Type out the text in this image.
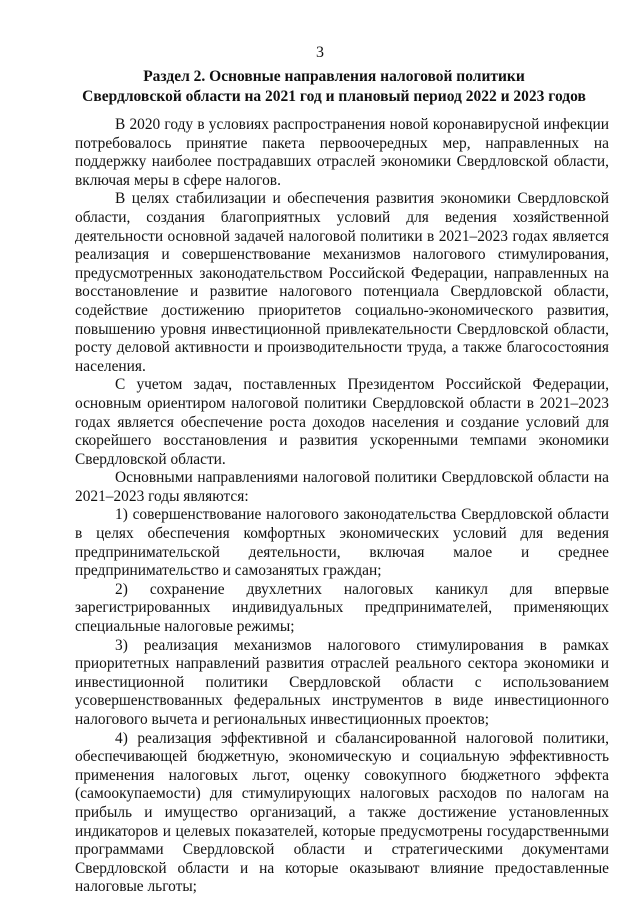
3
Раздел 2. Основные направления налоговой политики
Свердловской области на 2021 год и плановый период 2022 и 2023 годов

В 2020 году в условиях распространения новой коронавирусной инфекции потребовалось принятие пакета первоочередных мер, направленных на поддержку наиболее пострадавших отраслей экономики Свердловской области, включая меры в сфере налогов.

В целях стабилизации и обеспечения развития экономики Свердловской области, создания благоприятных условий для ведения хозяйственной деятельности основной задачей налоговой политики в 2021–2023 годах является реализация и совершенствование механизмов налогового стимулирования, предусмотренных законодательством Российской Федерации, направленных на восстановление и развитие налогового потенциала Свердловской области, содействие достижению приоритетов социально-экономического развития, повышению уровня инвестиционной привлекательности Свердловской области, росту деловой активности и производительности труда, а также благосостояния населения.

С учетом задач, поставленных Президентом Российской Федерации, основным ориентиром налоговой политики Свердловской области в 2021–2023 годах является обеспечение роста доходов населения и создание условий для скорейшего восстановления и развития ускоренными темпами экономики Свердловской области.

Основными направлениями налоговой политики Свердловской области на 2021–2023 годы являются:

1) совершенствование налогового законодательства Свердловской области в целях обеспечения комфортных экономических условий для ведения предпринимательской деятельности, включая малое и среднее предпринимательство и самозанятых граждан;

2) сохранение двухлетних налоговых каникул для впервые зарегистрированных индивидуальных предпринимателей, применяющих специальные налоговые режимы;

3) реализация механизмов налогового стимулирования в рамках приоритетных направлений развития отраслей реального сектора экономики и инвестиционной политики Свердловской области с использованием усовершенствованных федеральных инструментов в виде инвестиционного налогового вычета и региональных инвестиционных проектов;

4) реализация эффективной и сбалансированной налоговой политики, обеспечивающей бюджетную, экономическую и социальную эффективность применения налоговых льгот, оценку совокупного бюджетного эффекта (самоокупаемости) для стимулирующих налоговых расходов по налогам на прибыль и имущество организаций, а также достижение установленных индикаторов и целевых показателей, которые предусмотрены государственными программами Свердловской области и стратегическими документами Свердловской области и на которые оказывают влияние предоставленные налоговые льготы;
